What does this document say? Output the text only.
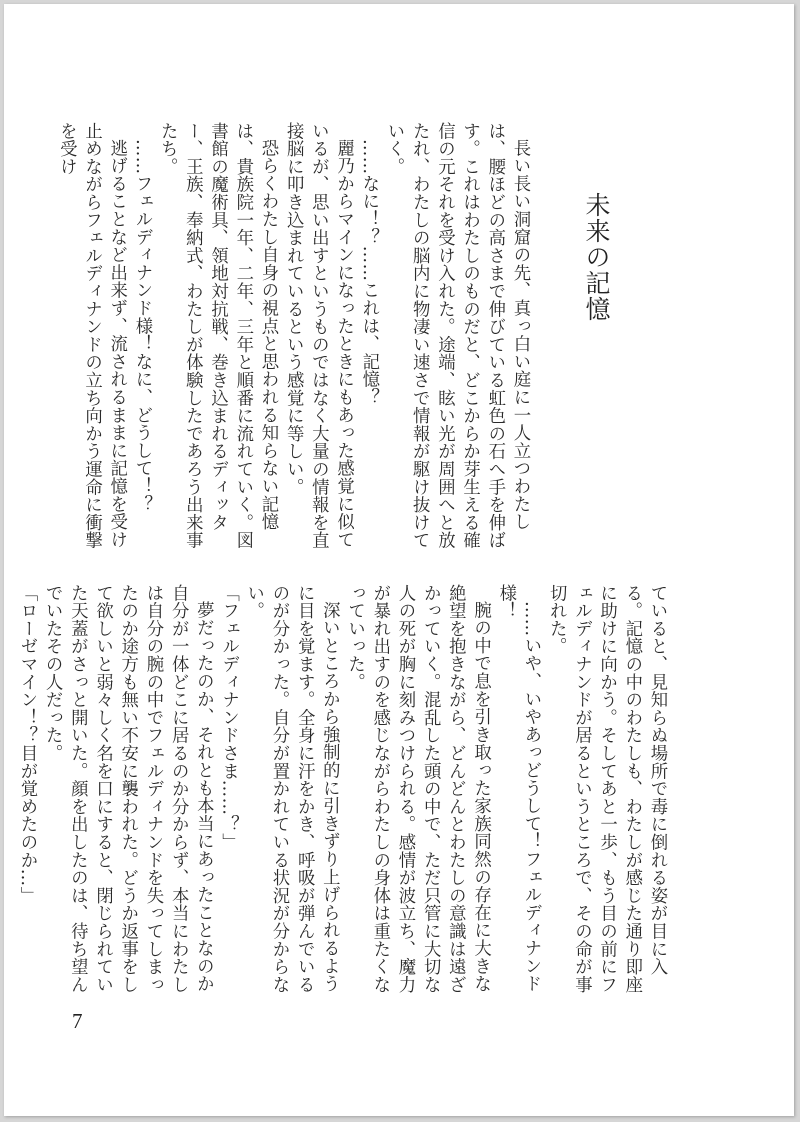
未来の記憶

長い長い洞窟の先、真っ白い庭に一人立つわたしは、腰ほどの高さまで伸びている虹色の石へ手を伸ばす。これはわたしのものだと、どこからか芽生える確信の元それを受け入れた。途端、眩い光が周囲へと放たれ、わたしの脳内に物凄い速さで情報が駆け抜けていく。

……なに！？……これは、記憶？

麗乃からマインになったときにもあった感覚に似ているが、思い出すというものではなく大量の情報を直接脳に叩き込まれているという感覚に等しい。

恐らくわたし自身の視点と思われる知らない記憶は、貴族院一年、二年、三年と順番に流れていく。図書館の魔術具、領地対抗戦、巻き込まれるディッター、王族、奉納式、わたしが体験したであろう出来事たち。

……フェルディナンド様！なに、どうして！？

逃げることなど出来ず、流されるままに記憶を受け止めながらフェルディナンドの立ち向かう運命に衝撃を受け

ていると、見知らぬ場所で毒に倒れる姿が目に入る。記憶の中のわたしも、わたしが感じた通り即座に助けに向かう。そしてあと一歩、もう目の前にフェルディナンドが居るというところで、その命が事切れた。

……いや、いやあっどうして！フェルディナンド様！

腕の中で息を引き取った家族同然の存在に大きな絶望を抱きながら、どんどんとわたしの意識は遠ざかっていく。混乱した頭の中で、ただ只管に大切な人の死が胸に刻みつけられる。感情が波立ち、魔力が暴れ出すのを感じながらわたしの身体は重たくなっていった。

深いところから強制的に引きずり上げられるように目を覚ます。全身に汗をかき、呼吸が弾んでいるのが分かった。自分が置かれている状況が分からない。

「フェルディナンドさま……？」

夢だったのか、それとも本当にあったことなのか自分が一体どこに居るのか分からず、本当にわたしは自分の腕の中でフェルディナンドを失ってしまったのか途方も無い不安に襲われた。どうか返事をして欲しいと弱々しく名を口にすると、閉じられていた天蓋がさっと開いた。顔を出したのは、待ち望んでいたその人だった。

「ローゼマイン！？目が覚めたのか…」

7
